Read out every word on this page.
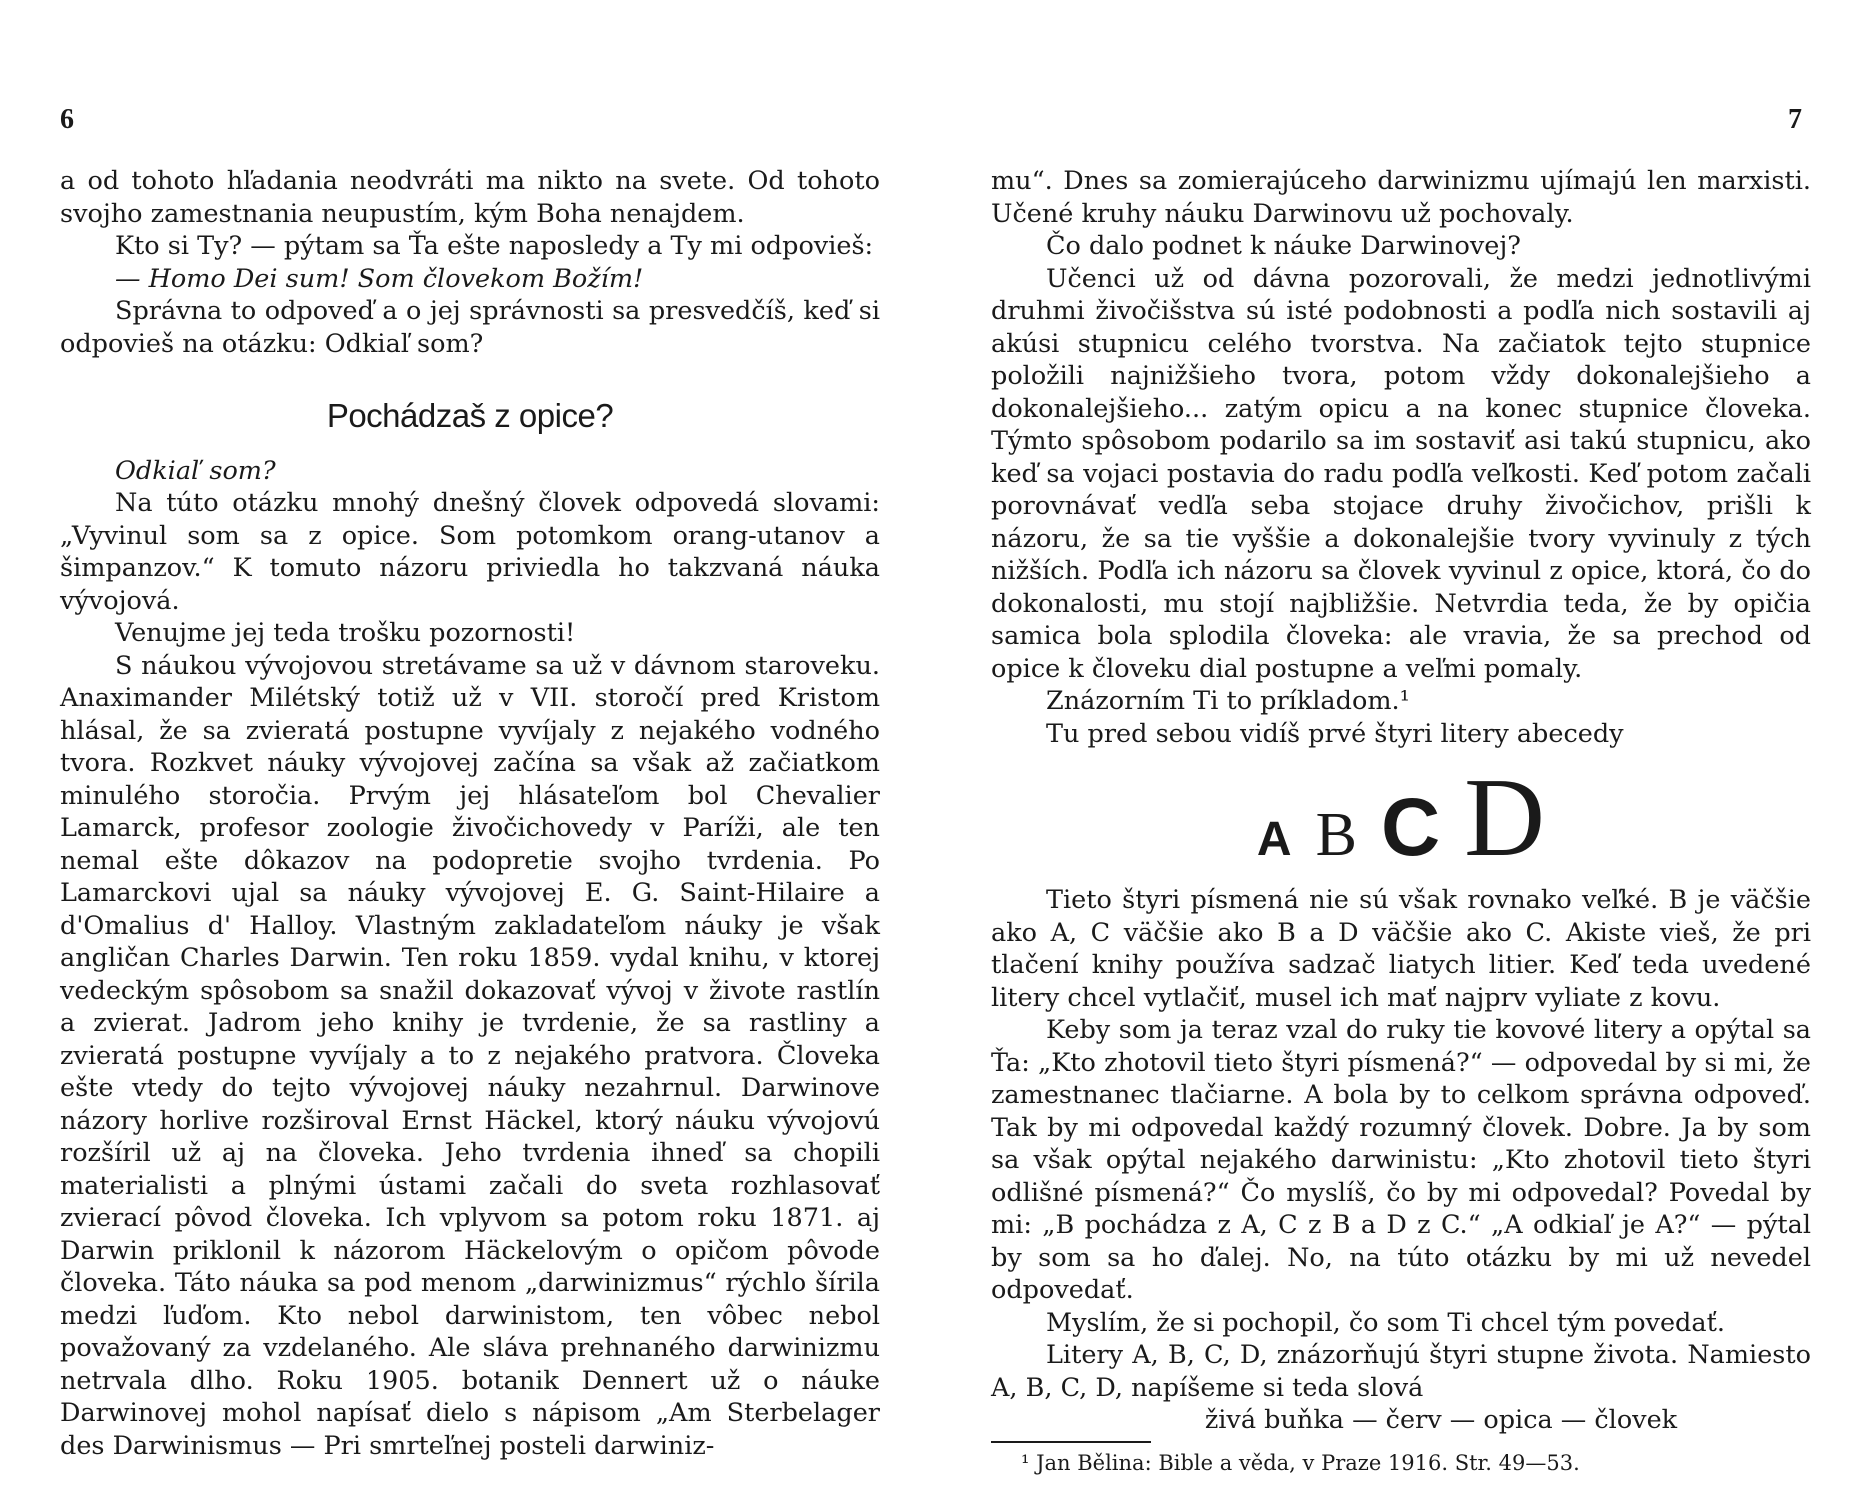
6

a od tohoto hľadania neodvráti ma nikto na svete. Od tohoto svojho zamestnania neupustím, kým Boha nenajdem.

Kto si Ty? — pýtam sa Ťa ešte naposledy a Ty mi odpovieš:

— Homo Dei sum! Som človekom Božím!

Správna to odpoveď a o jej správnosti sa presvedčíš, keď si odpovieš na otázku: Odkiaľ som?

Pochádzaš z opice?

Odkiaľ som?

Na túto otázku mnohý dnešný človek odpovedá slovami: „Vyvinul som sa z opice. Som potomkom orang-utanov a šimpanzov.“ K tomuto názoru priviedla ho takzvaná náuka vývojová.

Venujme jej teda trošku pozornosti!

S náukou vývojovou stretávame sa už v dávnom staroveku. Anaximander Milétský totiž už v VII. storočí pred Kristom hlásal, že sa zvieratá postupne vyvíjaly z nejakého vodného tvora. Rozkvet náuky vývojovej začína sa však až začiatkom minulého storočia. Prvým jej hlásateľom bol Chevalier Lamarck, profesor zoologie živočichovedy v Paríži, ale ten nemal ešte dôkazov na podopretie svojho tvrdenia. Po Lamarckovi ujal sa náuky vývojovej E. G. Saint-Hilaire a d'Omalius d' Halloy. Vlastným zakladateľom náuky je však angličan Charles Darwin. Ten roku 1859. vydal knihu, v ktorej vedeckým spôsobom sa snažil dokazovať vývoj v živote rastlín a zvierat. Jadrom jeho knihy je tvrdenie, že sa rastliny a zvieratá postupne vyvíjaly a to z nejakého pratvora. Človeka ešte vtedy do tejto vývojovej náuky nezahrnul. Darwinove názory horlive rozširoval Ernst Häckel, ktorý náuku vývojovú rozšíril už aj na človeka. Jeho tvrdenia ihneď sa chopili materialisti a plnými ústami začali do sveta rozhlasovať zvierací pôvod človeka. Ich vplyvom sa potom roku 1871. aj Darwin priklonil k názorom Häckelovým o opičom pôvode človeka. Táto náuka sa pod menom „darwinizmus“ rýchlo šírila medzi ľuďom. Kto nebol darwinistom, ten vôbec nebol považovaný za vzdelaného. Ale sláva prehnaného darwinizmu netrvala dlho. Roku 1905. botanik Dennert už o náuke Darwinovej mohol napísať dielo s nápisom „Am Sterbelager des Darwinismus — Pri smrteľnej posteli darwiniz-

7

mu“. Dnes sa zomierajúceho darwinizmu ujímajú len marxisti. Učené kruhy náuku Darwinovu už pochovaly.

Čo dalo podnet k náuke Darwinovej?

Učenci už od dávna pozorovali, že medzi jednotlivými druhmi živočišstva sú isté podobnosti a podľa nich sostavili aj akúsi stupnicu celého tvorstva. Na začiatok tejto stupnice položili najnižšieho tvora, potom vždy dokonalejšieho a dokonalejšieho... zatým opicu a na konec stupnice človeka. Týmto spôsobom podarilo sa im sostaviť asi takú stupnicu, ako keď sa vojaci postavia do radu podľa veľkosti. Keď potom začali porovnávať vedľa seba stojace druhy živočichov, prišli k názoru, že sa tie vyššie a dokonalejšie tvory vyvinuly z tých nižších. Podľa ich názoru sa človek vyvinul z opice, ktorá, čo do dokonalosti, mu stojí najbližšie. Netvrdia teda, že by opičia samica bola splodila človeka: ale vravia, že sa prechod od opice k človeku dial postupne a veľmi pomaly.

Znázorním Ti to príkladom.¹

Tu pred sebou vidíš prvé štyri litery abecedy

A B C D

Tieto štyri písmená nie sú však rovnako veľké. B je väčšie ako A, C väčšie ako B a D väčšie ako C. Akiste vieš, že pri tlačení knihy používa sadzač liatych litier. Keď teda uvedené litery chcel vytlačiť, musel ich mať najprv vyliate z kovu.

Keby som ja teraz vzal do ruky tie kovové litery a opýtal sa Ťa: „Kto zhotovil tieto štyri písmená?“ — odpovedal by si mi, že zamestnanec tlačiarne. A bola by to celkom správna odpoveď. Tak by mi odpovedal každý rozumný človek. Dobre. Ja by som sa však opýtal nejakého darwinistu: „Kto zhotovil tieto štyri odlišné písmená?“ Čo myslíš, čo by mi odpovedal? Povedal by mi: „B pochádza z A, C z B a D z C.“ „A odkiaľ je A?“ — pýtal by som sa ho ďalej. No, na túto otázku by mi už nevedel odpovedať.

Myslím, že si pochopil, čo som Ti chcel tým povedať.

Litery A, B, C, D, znázorňujú štyri stupne života. Namiesto A, B, C, D, napíšeme si teda slová

živá buňka — červ — opica — človek

¹ Jan Bělina: Bible a věda, v Praze 1916. Str. 49—53.
